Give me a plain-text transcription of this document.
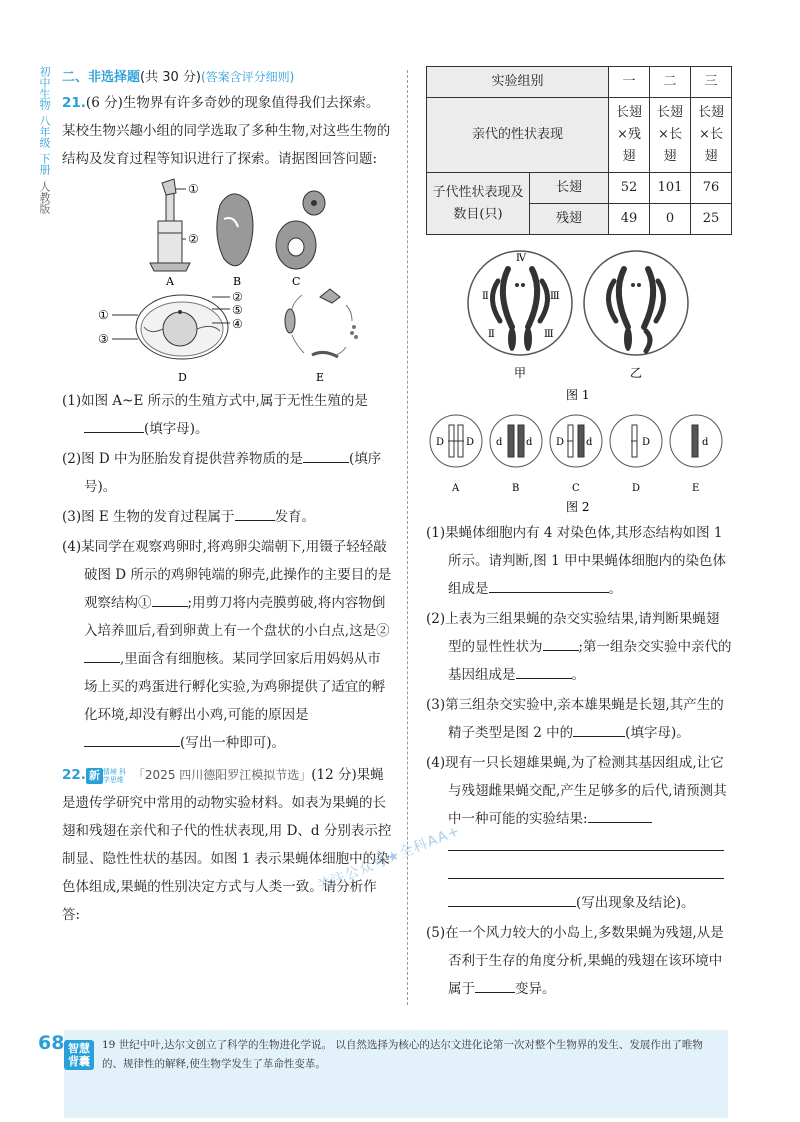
初中生物
八年级
下册
人教版
二、非选择题(共 30 分)(答案含评分细则)

21.(6 分)生物界有许多奇妙的现象值得我们去探索。某校生物兴趣小组的同学选取了多种生物,对这些生物的结构及发育过程等知识进行了探索。请据图回答问题:

①
②
A	B	C
①
③
②
⑤
④
D	E

(1)如图 A~E 所示的生殖方式中,属于无性生殖的是(填字母)。

(2)图 D 中为胚胎发育提供营养物质的是	(填序号)。

(3)图 E 生物的发育过程属于	发育。

(4)某同学在观察鸡卵时,将鸡卵尖端朝下,用镊子轻轻敲破图 D 所示的鸡卵钝端的卵壳,此操作的主要目的是观察结构①	;用剪刀将内壳膜剪破,将内容物倒入培养皿后,看到卵黄上有一个盘状的小白点,这是②,里面含有细胞核。某同学回家后用妈妈从市场上买的鸡蛋进行孵化实验,为鸡卵提供了适宜的孵化环境,却没有孵出小鸡,可能的原因是(写出一种即可)。

22. 新 情境 科学思维 「2025 四川德阳罗江模拟节选」(12 分)果蝇是遗传学研究中常用的动物实验材料。如表为果蝇的长翅和残翅在亲代和子代的性状表现,用 D、d 分别表示控制显、隐性性状的基因。如图 1 表示果蝇体细胞中的染色体组成,果蝇的性别决定方式与人类一致。请分析作答:

实验组别		一	二	三
亲代的性状表现		长翅×残翅	长翅×长翅	长翅×长翅
子代性状表现及数目(只)	长翅	52	101	76
	残翅	49	0	25
Ⅳ
Ⅱ	Ⅲ
Ⅱ	Ⅲ
甲	乙
图 1
D D
A
d d
B
D d
C
D
D
d
E
图 2

(1)果蝇体细胞内有 4 对染色体,其形态结构如图 1 所示。请判断,图 1 甲中果蝇体细胞内的染色体组成是	。

(2)上表为三组果蝇的杂交实验结果,请判断果蝇翅型的显性性状为	;第一组杂交实验中亲代的基因组成是	。

(3)第三组杂交实验中,亲本雄果蝇是长翅,其产生的精子类型是图 2 中的	(填字母)。

(4)现有一只长翅雄果蝇,为了检测其基因组成,让它与残翅雌果蝇交配,产生足够多的后代,请预测其中一种可能的实验结果:

(写出现象及结论)。

(5)在一个风力较大的小岛上,多数果蝇为残翅,从是否利于生存的角度分析,果蝇的残翅在该环境中属于	变异。

关注公众号★全科AA+
68 智慧背囊
19 世纪中叶,达尔文创立了科学的生物进化学说。 以自然选择为核心的达尔文进化论第一次对整个生物界的发生、发展作出了唯物的、规律性的解释,使生物学发生了革命性变革。
